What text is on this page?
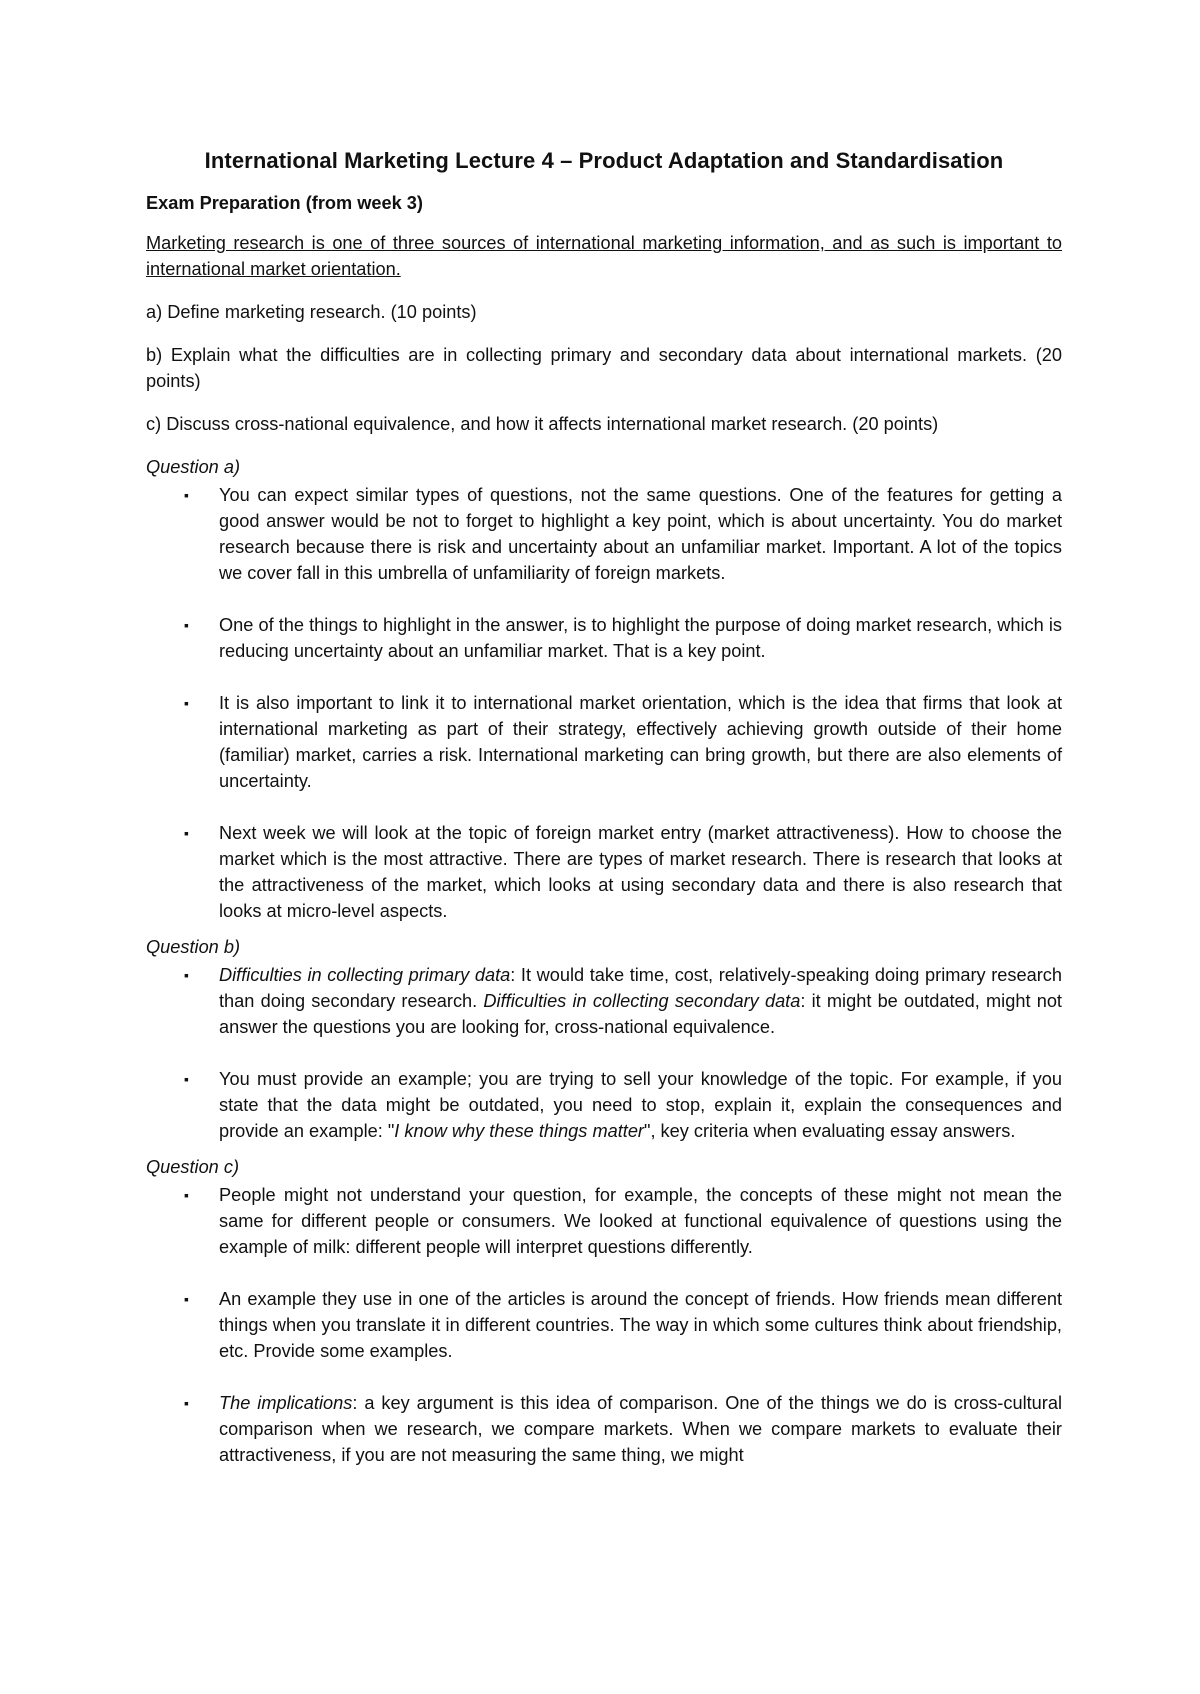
International Marketing Lecture 4 – Product Adaptation and Standardisation
Exam Preparation (from week 3)
Marketing research is one of three sources of international marketing information, and as such is important to international market orientation.
a) Define marketing research. (10 points)
b) Explain what the difficulties are in collecting primary and secondary data about international markets. (20 points)
c) Discuss cross-national equivalence, and how it affects international market research. (20 points)
Question a)
▪ You can expect similar types of questions, not the same questions. One of the features for getting a good answer would be not to forget to highlight a key point, which is about uncertainty. You do market research because there is risk and uncertainty about an unfamiliar market. Important. A lot of the topics we cover fall in this umbrella of unfamiliarity of foreign markets.
▪ One of the things to highlight in the answer, is to highlight the purpose of doing market research, which is reducing uncertainty about an unfamiliar market. That is a key point.
▪ It is also important to link it to international market orientation, which is the idea that firms that look at international marketing as part of their strategy, effectively achieving growth outside of their home (familiar) market, carries a risk. International marketing can bring growth, but there are also elements of uncertainty.
▪ Next week we will look at the topic of foreign market entry (market attractiveness). How to choose the market which is the most attractive. There are types of market research. There is research that looks at the attractiveness of the market, which looks at using secondary data and there is also research that looks at micro-level aspects.
Question b)
▪ Difficulties in collecting primary data: It would take time, cost, relatively-speaking doing primary research than doing secondary research. Difficulties in collecting secondary data: it might be outdated, might not answer the questions you are looking for, cross-national equivalence.
▪ You must provide an example; you are trying to sell your knowledge of the topic. For example, if you state that the data might be outdated, you need to stop, explain it, explain the consequences and provide an example: "I know why these things matter", key criteria when evaluating essay answers.
Question c)
▪ People might not understand your question, for example, the concepts of these might not mean the same for different people or consumers. We looked at functional equivalence of questions using the example of milk: different people will interpret questions differently.
▪ An example they use in one of the articles is around the concept of friends. How friends mean different things when you translate it in different countries. The way in which some cultures think about friendship, etc. Provide some examples.
▪ The implications: a key argument is this idea of comparison. One of the things we do is cross-cultural comparison when we research, we compare markets. When we compare markets to evaluate their attractiveness, if you are not measuring the same thing, we might
